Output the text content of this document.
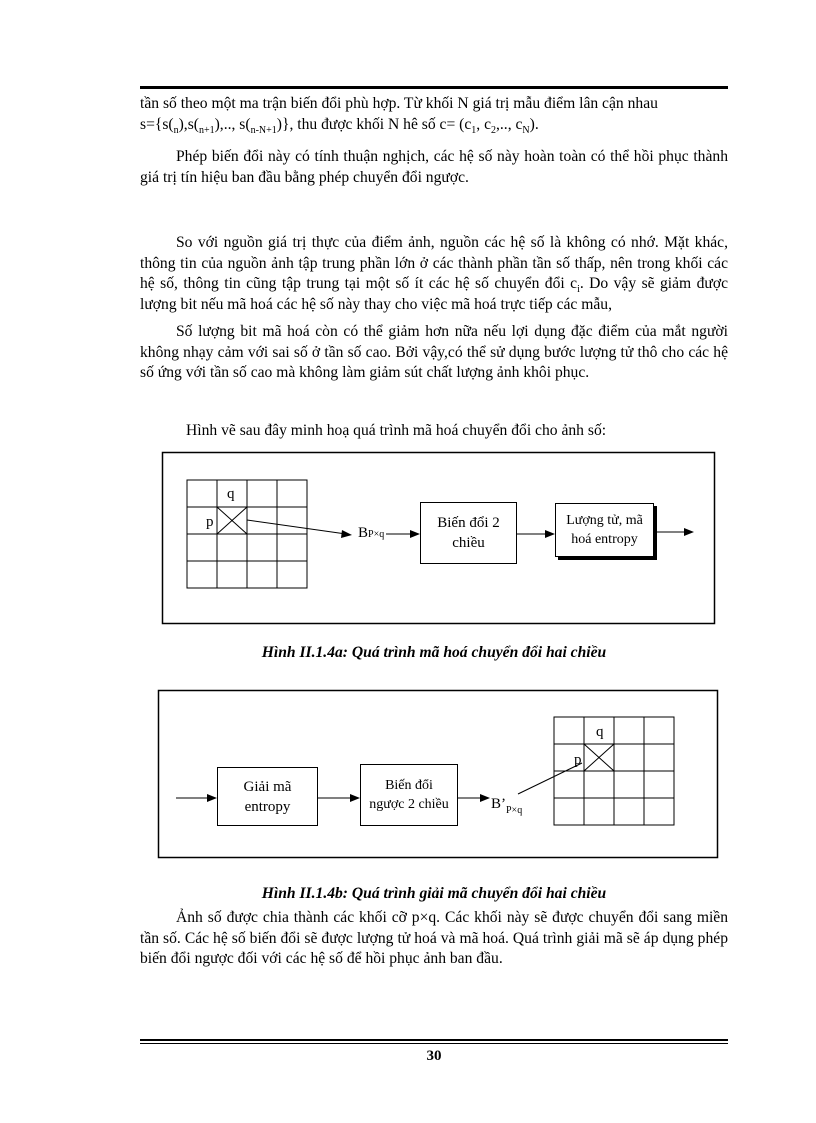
tần số theo một ma trận biến đổi phù hợp. Từ khối N giá trị mẫu điểm lân cận nhau
$s=\{s(_n),s(_{n+1})$,.., $s(_{n-N+1})$}, thu được khối N hê số $c= (c_1$, $c_2$,.., $c_N$).
Phép biến đổi này có tính thuận nghịch, các hệ số này hoàn toàn có thể hồi phục thành giá trị tín hiệu ban đầu bằng phép chuyển đổi ngược.
So với nguồn giá trị thực của điểm ảnh, nguồn các hệ số là không có nhớ. Mặt khác, thông tin của nguồn ảnh tập trung phần lớn ở các thành phần tần số thấp, nên trong khối các hệ số, thông tin cũng tập trung tại một số ít các hệ số chuyển đổi $c_i$. Do vậy sẽ giảm được lượng bit nếu mã hoá các hệ số này thay cho việc mã hoá trực tiếp các mẫu,
Số lượng bit mã hoá còn có thể giảm hơn nữa nếu lợi dụng đặc điểm của mắt người không nhạy cảm với sai số ở tần số cao. Bởi vậy,có thể sử dụng bước lượng tử thô cho các hệ số ứng với tần số cao mà không làm giảm sút chất lượng ảnh khôi phục.
Hình vẽ sau đây minh hoạ quá trình mã hoá chuyển đổi cho ảnh số:
q
p
BP×q
Biến đổi 2
chiều
Lượng tử, mã
hoá entropy
Hình II.1.4a: Quá trình mã hoá chuyển đổi hai chiều
Giải mã
entropy
Biến đổi
ngược 2 chiều	$B’_{P\times q}$
q
p
Hình II.1.4b: Quá trình giải mã chuyển đổi hai chiều
Ảnh số được chia thành các khối cỡ p×q. Các khối này sẽ được chuyển đổi sang miền tần số. Các hệ số biến đổi sẽ được lượng tử hoá và mã hoá. Quá trình giải mã sẽ áp dụng phép biến đổi ngược đối với các hệ số để hồi phục ảnh ban đầu.
30
